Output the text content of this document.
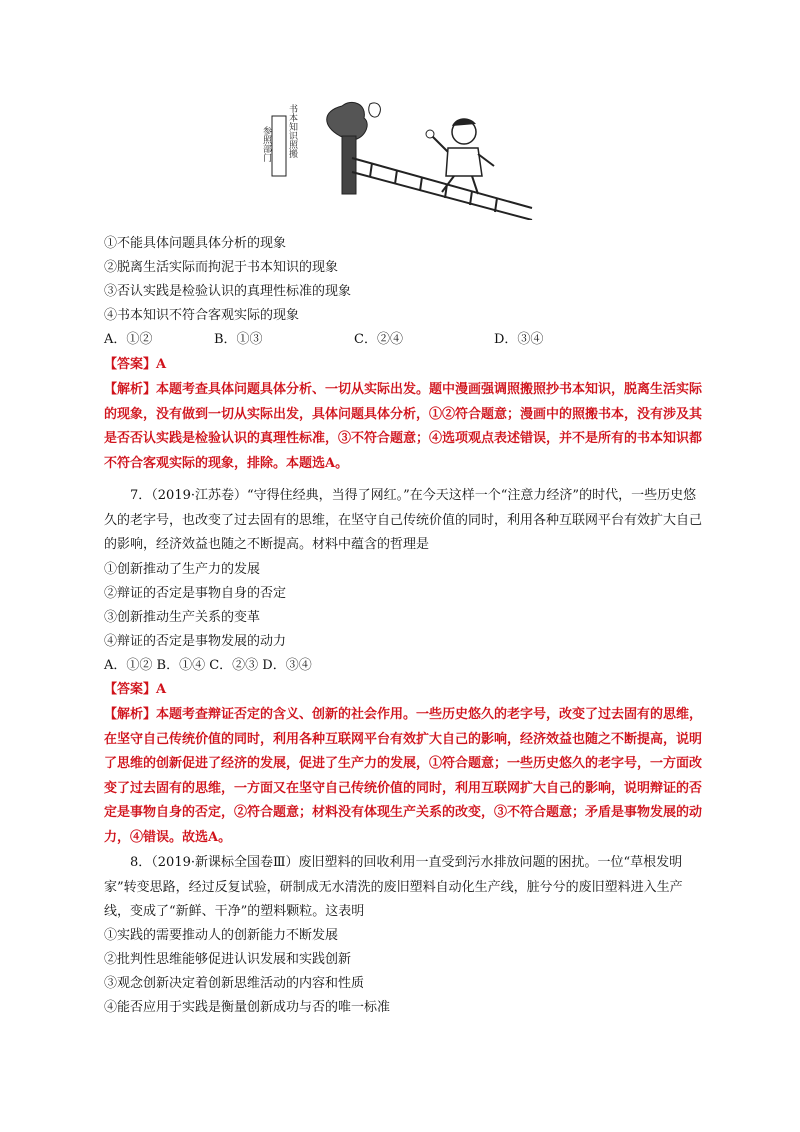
参照部门 书本知识照搬
①不能具体问题具体分析的现象
②脱离生活实际而拘泥于书本知识的现象
③否认实践是检验认识的真理性标准的现象
④书本知识不符合客观实际的现象
A．①②	B．①③	C．②④	D．③④
【答案】A
【解析】本题考查具体问题具体分析、一切从实际出发。题中漫画强调照搬照抄书本知识，脱离生活实际的现象，没有做到一切从实际出发，具体问题具体分析，①②符合题意；漫画中的照搬书本，没有涉及其是否否认实践是检验认识的真理性标准，③不符合题意；④选项观点表述错误，并不是所有的书本知识都不符合客观实际的现象，排除。本题选A。
7．（2019·江苏卷）“守得住经典，当得了网红。”在今天这样一个“注意力经济”的时代，一些历史悠久的老字号，也改变了过去固有的思维，在坚守自己传统价值的同时，利用各种互联网平台有效扩大自己的影响，经济效益也随之不断提高。材料中蕴含的哲理是
①创新推动了生产力的发展
②辩证的否定是事物自身的否定
③创新推动生产关系的变革
④辩证的否定是事物发展的动力
A．①② B．①④ C．②③ D．③④
【答案】A
【解析】本题考查辩证否定的含义、创新的社会作用。一些历史悠久的老字号，改变了过去固有的思维，在坚守自己传统价值的同时，利用各种互联网平台有效扩大自己的影响，经济效益也随之不断提高，说明了思维的创新促进了经济的发展，促进了生产力的发展，①符合题意；一些历史悠久的老字号，一方面改变了过去固有的思维，一方面又在坚守自己传统价值的同时，利用互联网扩大自己的影响，说明辩证的否定是事物自身的否定，②符合题意；材料没有体现生产关系的改变，③不符合题意；矛盾是事物发展的动力，④错误。故选A。
8．（2019·新课标全国卷Ⅲ）废旧塑料的回收利用一直受到污水排放问题的困扰。一位“草根发明家”转变思路，经过反复试验，研制成无水清洗的废旧塑料自动化生产线，脏兮兮的废旧塑料进入生产线，变成了“新鲜、干净”的塑料颗粒。这表明
①实践的需要推动人的创新能力不断发展
②批判性思维能够促进认识发展和实践创新
③观念创新决定着创新思维活动的内容和性质
④能否应用于实践是衡量创新成功与否的唯一标准
